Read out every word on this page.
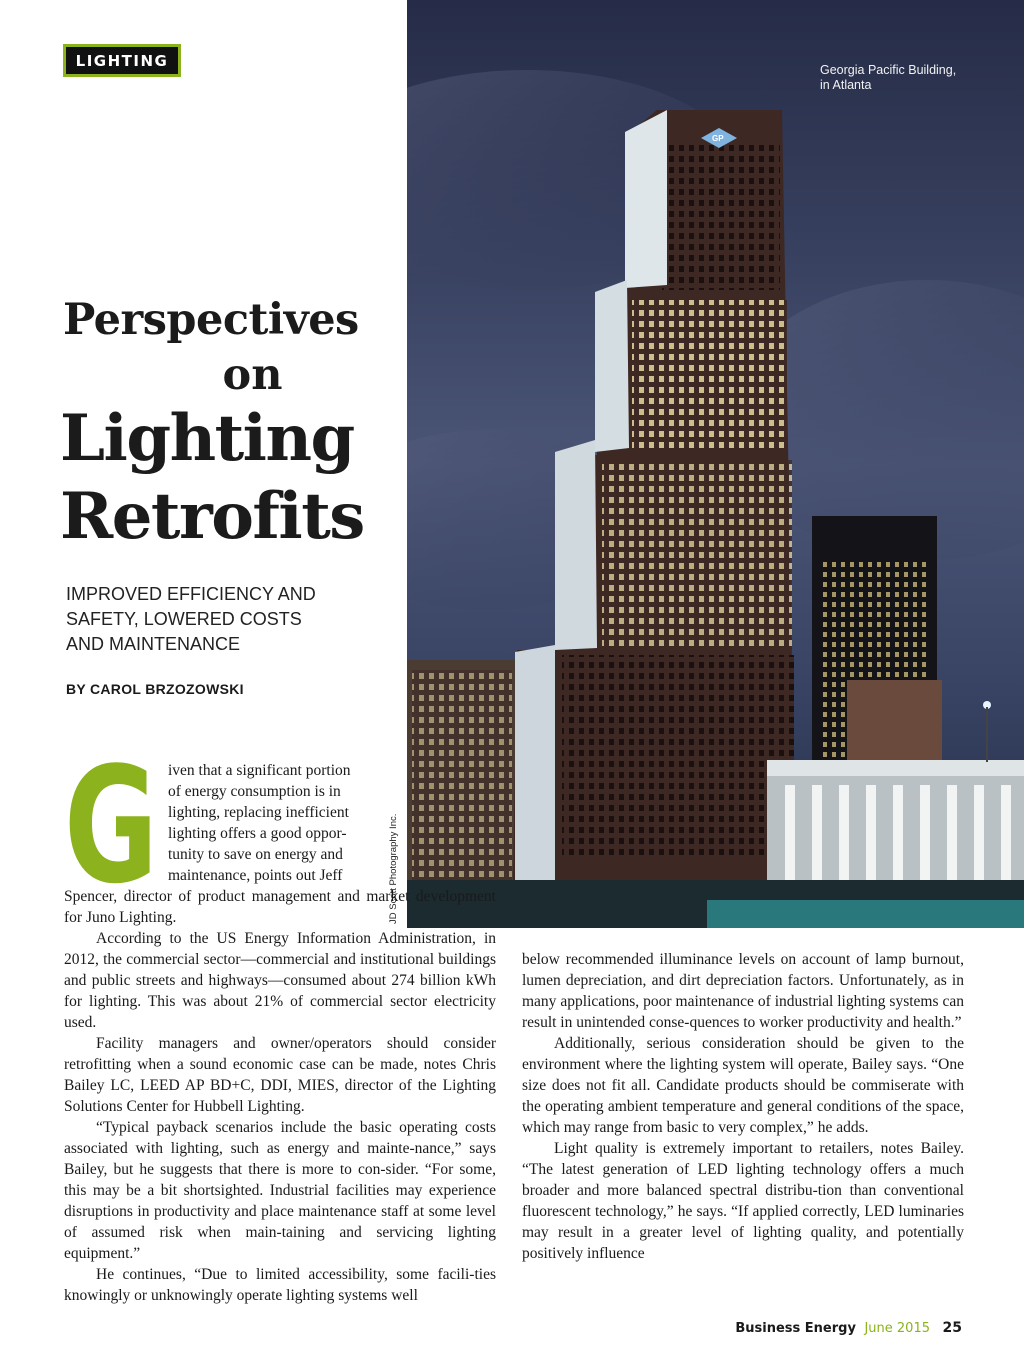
LIGHTING
GP
Georgia Pacific Building,
in Atlanta
JD Scott Photography Inc.
Perspectives
on
Lighting
Retrofits
IMPROVED EFFICIENCY AND
SAFETY, LOWERED COSTS
AND MAINTENANCE
BY CAROL BRZOZOWSKI
G iven that a significant portion
of energy consumption is in
lighting, replacing inefficient
lighting offers a good oppor-
tunity to save on energy and
maintenance, points out Jeff

Spencer, director of product management and market development for Juno Lighting.

According to the US Energy Information Administration, in 2012, the commercial sector—commercial and institutional buildings and public streets and highways—consumed about 274 billion kWh for lighting. This was about 21% of commercial sector electricity used.

Facility managers and owner/operators should consider retrofitting when a sound economic case can be made, notes Chris Bailey LC, LEED AP BD+C, DDI, MIES, director of the Lighting Solutions Center for Hubbell Lighting.

“Typical payback scenarios include the basic operating costs associated with lighting, such as energy and mainte-nance,” says Bailey, but he suggests that there is more to con-sider. “For some, this may be a bit shortsighted. Industrial facilities may experience disruptions in productivity and place maintenance staff at some level of assumed risk when main-taining and servicing lighting equipment.”

He continues, “Due to limited accessibility, some facili-ties knowingly or unknowingly operate lighting systems well

below recommended illuminance levels on account of lamp burnout, lumen depreciation, and dirt depreciation factors. Unfortunately, as in many applications, poor maintenance of industrial lighting systems can result in unintended conse-quences to worker productivity and health.”

Additionally, serious consideration should be given to the environment where the lighting system will operate, Bailey says. “One size does not fit all. Candidate products should be commiserate with the operating ambient temperature and general conditions of the space, which may range from basic to very complex,” he adds.

Light quality is extremely important to retailers, notes Bailey. “The latest generation of LED lighting technology offers a much broader and more balanced spectral distribu-tion than conventional fluorescent technology,” he says. “If applied correctly, LED luminaries may result in a greater level of lighting quality, and potentially positively influence

Business Energy June 2015 25
